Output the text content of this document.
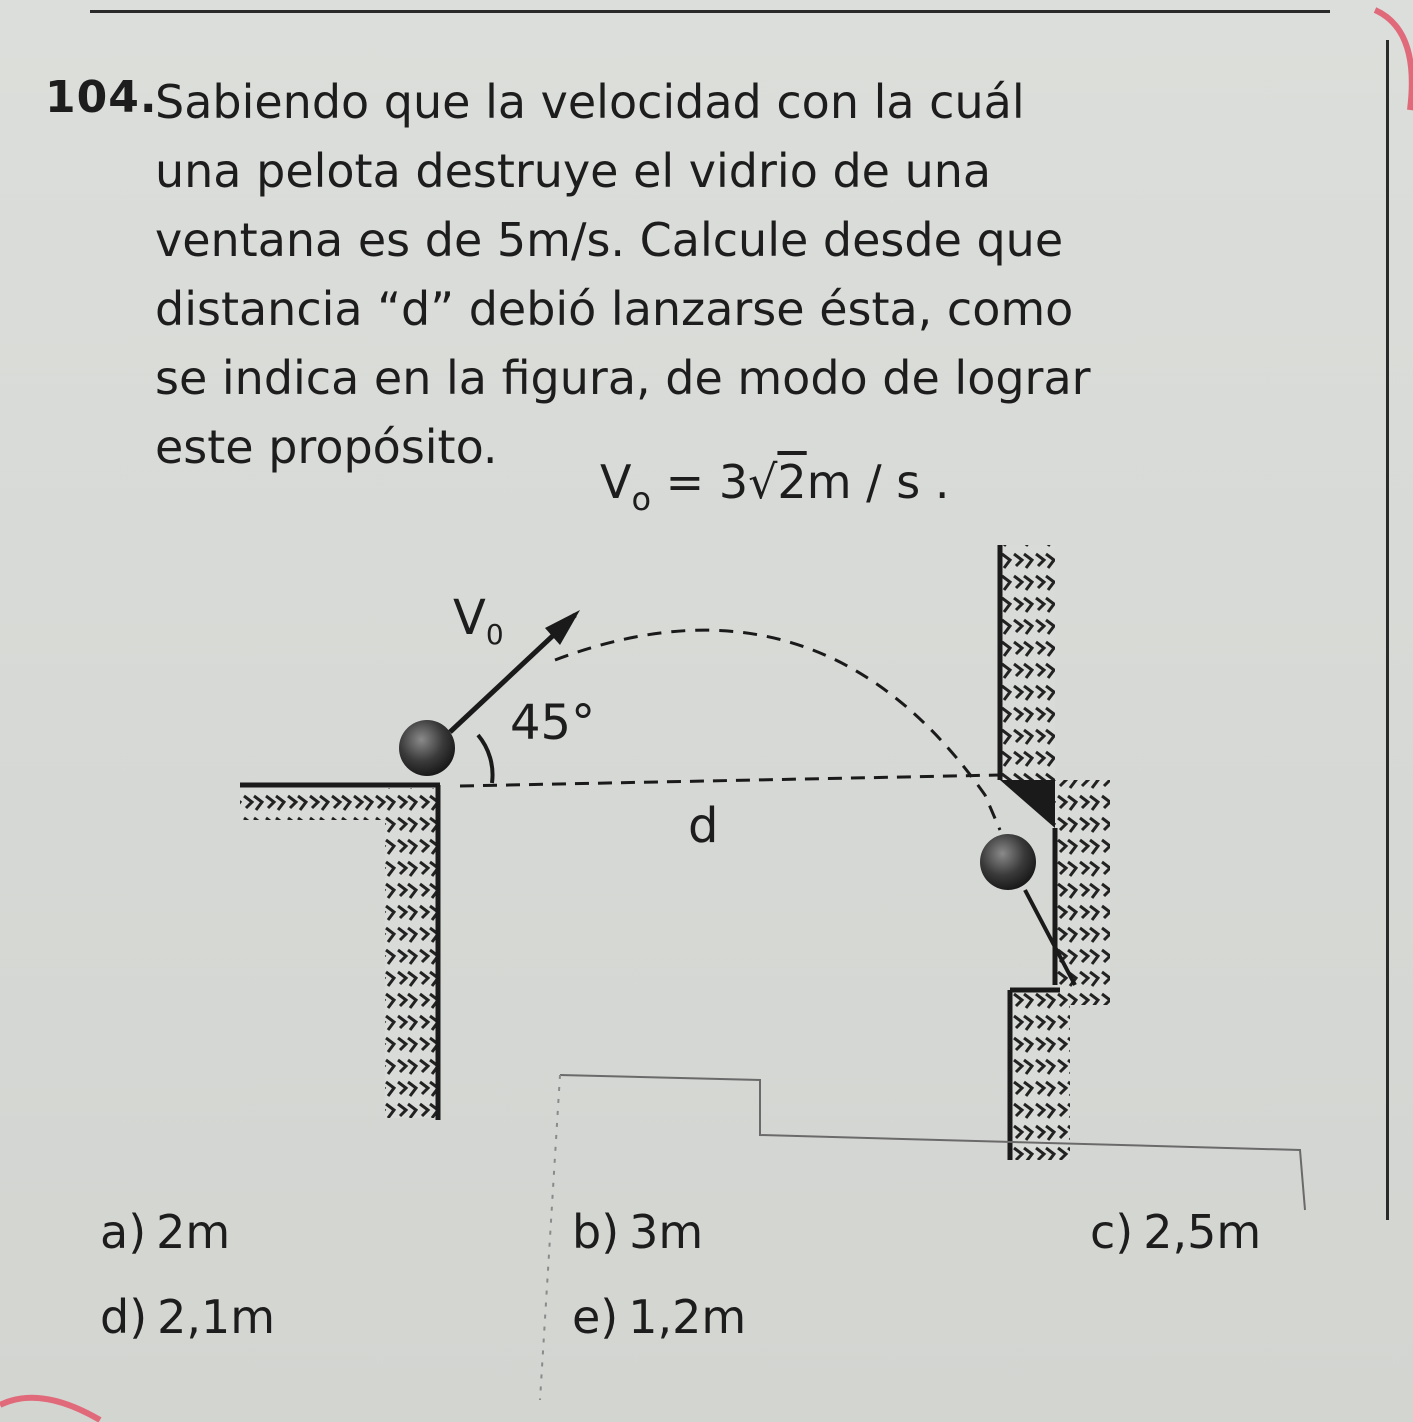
104.
Sabiendo que la velocidad con la cuál
una pelota destruye el vidrio de una
ventana es de 5m/s. Calcule desde que
distancia “d” debió lanzarse ésta, como
se indica en la figura, de modo de lograr
este propósito.
$V_o = 3√2m / s$ .
$V_0$
45°
d
a) 2m	b) 3m	c) 2,5m
d) 2,1m	e) 1,2m
